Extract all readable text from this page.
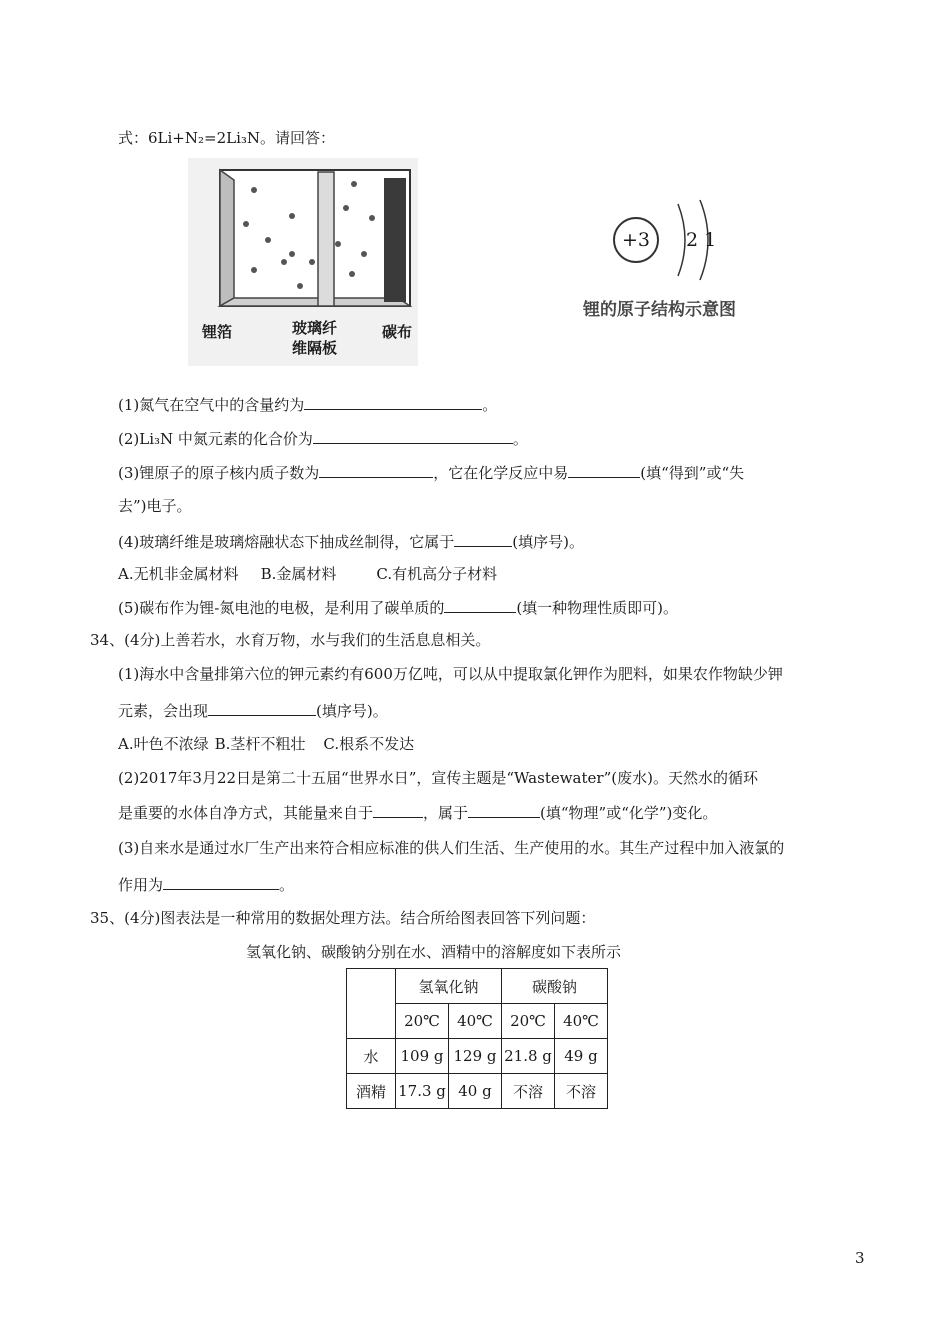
式：6Li+N₂=2Li₃N。请回答：
锂箔	玻璃纤
维隔板
碳布
+3 2 1
锂的原子结构示意图
(1)氮气在空气中的含量约为	。
(2)Li₃N 中氮元素的化合价为	。
(3)锂原子的原子核内质子数为	，它在化学反应中易	(填“得到”或“失
去”)电子。
(4)玻璃纤维是玻璃熔融状态下抽成丝制得，它属于	(填序号)。
A.无机非金属材料 B.金属材料	C.有机高分子材料
(5)碳布作为锂-氮电池的电极，是利用了碳单质的	(填一种物理性质即可)。
34、(4分)上善若水，水育万物，水与我们的生活息息相关。
(1)海水中含量排第六位的钾元素约有600万亿吨，可以从中提取氯化钾作为肥料，如果农作物缺少钾
元素，会出现	(填序号)。
A.叶色不浓绿 B.茎杆不粗壮 C.根系不发达
(2)2017年3月22日是第二十五届“世界水日”，宣传主题是“Wastewater”(废水)。天然水的循环
是重要的水体自净方式，其能量来自于	，属于	(填“物理”或“化学”)变化。
(3)自来水是通过水厂生产出来符合相应标准的供人们生活、生产使用的水。其生产过程中加入液氯的
作用为	。
35、(4分)图表法是一种常用的数据处理方法。结合所给图表回答下列问题：
氢氧化钠、碳酸钠分别在水、酒精中的溶解度如下表所示
	氢氧化钠		碳酸钠	
	20℃	40℃	20℃	40℃
水	109 g	129 g	21.8 g	49 g
酒精	17.3 g	40 g	不溶	不溶
3
